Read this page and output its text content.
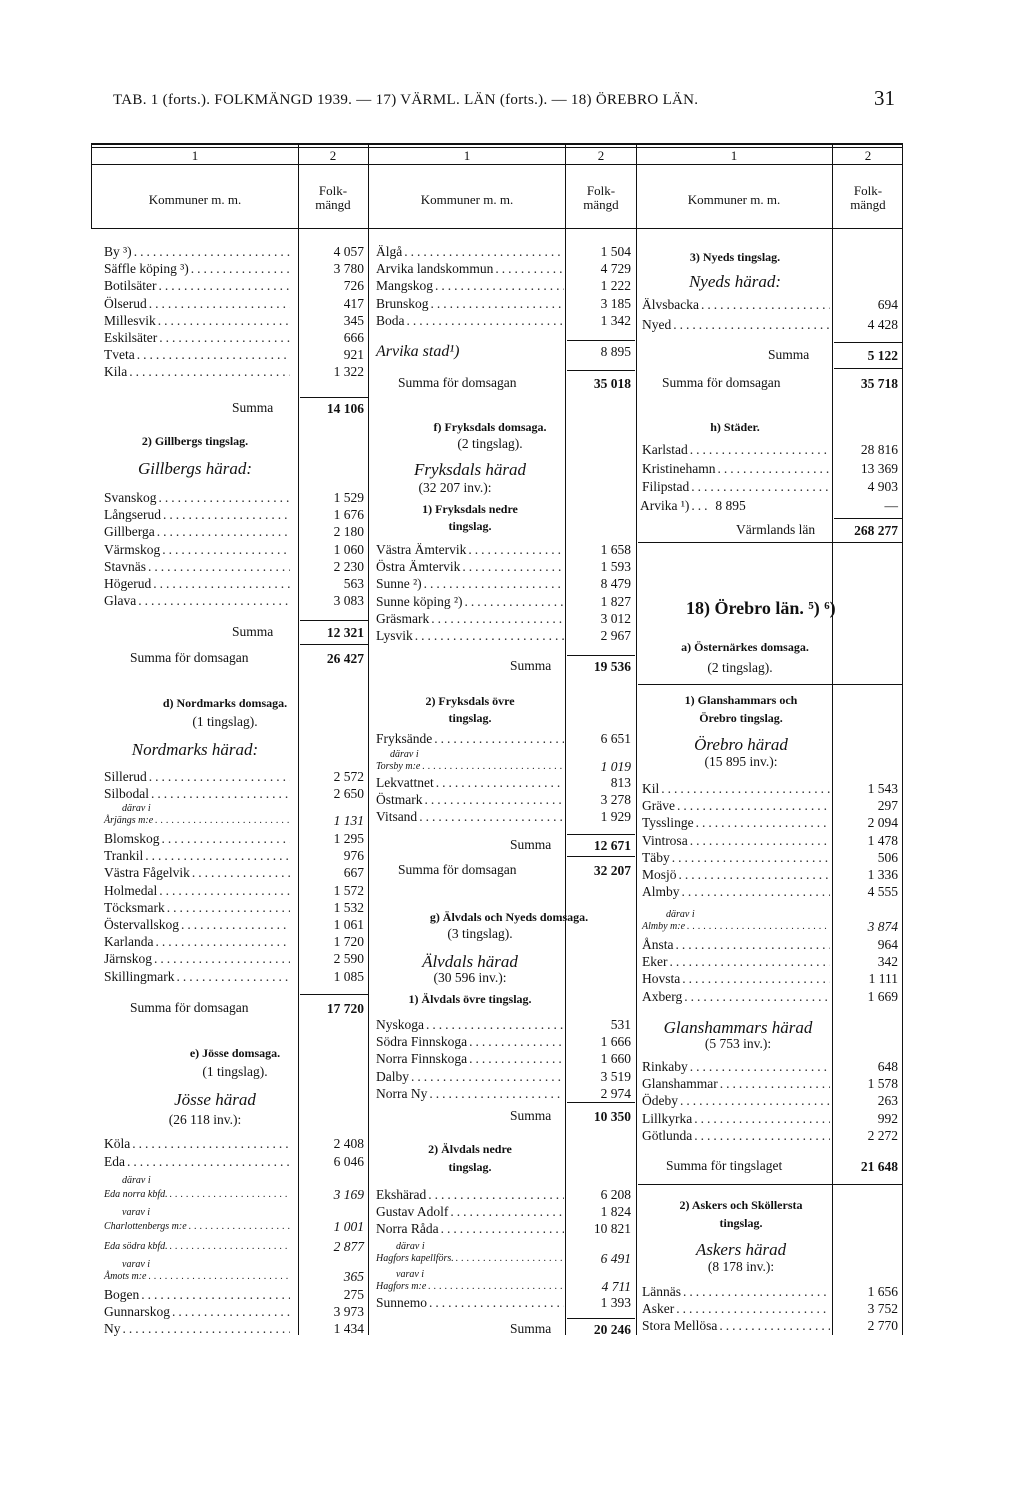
TAB. 1 (forts.). FOLKMÄNGD 1939. — 17) VÄRML. LÄN (forts.). — 18) ÖREBRO LÄN.	31
1	2	1	2	1	2
Kommuner m. m.	Kommuner m. m.	Kommuner m. m.
Folk-
mängd
Folk-
mängd
Folk-
mängd
By ³) .....	4 057
Säffle köping ³) .....	3 780
Botilsäter .....	726
Ölserud .....	417
Millesvik .....	345
Eskilsäter .....	666
Tveta .....	921
Kila .....	1 322
Summa	14 106
2) Gillbergs tingslag.
Gillbergs härad:
Svanskog .....	1 529
Långserud .....	1 676
Gillberga .....	2 180
Värmskog .....	1 060
Stavnäs .....	2 230
Högerud .....	563
Glava .....	3 083
Summa	12 321
Summa för domsagan	26 427
d) Nordmarks domsaga.
(1 tingslag).
Nordmarks härad:
Sillerud .....	2 572
Silbodal .....	2 650
därav i
Årjängs m:e .....	1 131
Blomskog .....	1 295
Trankil .....	976
Västra Fågelvik .....	667
Holmedal .....	1 572
Töcksmark .....	1 532
Östervallskog .....	1 061
Karlanda .....	1 720
Järnskog .....	2 590
Skillingmark .....	1 085
Summa för domsagan	17 720
e) Jösse domsaga.
(1 tingslag).
Jösse härad
(26 118 inv.):
Köla .....	2 408
Eda .....	6 046
därav i
Eda norra kbfd. .....	3 169
varav i
Charlottenbergs m:e .....	1 001
Eda södra kbfd. .....	2 877
varav i
Åmots m:e .....	365
Bogen .....	275
Gunnarskog .....	3 973
Ny .....	1 434
Älgå .....	1 504
Arvika landskommun .....	4 729
Mangskog .....	1 222
Brunskog .....	3 185
Boda .....	1 342
Arvika stad¹)	8 895
Summa för domsagan	35 018
f) Fryksdals domsaga.
(2 tingslag).
Fryksdals härad
(32 207 inv.):
1) Fryksdals nedre
tingslag.
Västra Ämtervik .....	1 658
Östra Ämtervik .....	1 593
Sunne ²) .....	8 479
Sunne köping ²) .....	1 827
Gräsmark .....	3 012
Lysvik .....	2 967
Summa	19 536
2) Fryksdals övre
tingslag.
Fryksände .....	6 651
därav i
Torsby m:e .....	1 019
Lekvattnet .....	813
Östmark .....	3 278
Vitsand .....	1 929
Summa	12 671
Summa för domsagan	32 207
g) Älvdals och Nyeds domsaga.
(3 tingslag).
Älvdals härad
(30 596 inv.):
1) Älvdals övre tingslag.
Nyskoga .....	531
Södra Finnskoga .....	1 666
Norra Finnskoga .....	1 660
Dalby .....	3 519
Norra Ny .....	2 974
Summa	10 350
2) Älvdals nedre
tingslag.
Ekshärad .....	6 208
Gustav Adolf .....	1 824
Norra Råda .....	10 821
därav i
Hagfors kapellförs. .....	6 491
varav i
Hagfors m:e .....	4 711
Sunnemo .....	1 393
Summa	20 246
3) Nyeds tingslag.
Nyeds härad:
Älvsbacka .....	694
Nyed .....	4 428
Summa	5 122
Summa för domsagan	35 718
h) Städer.
Karlstad .....	28 816
Kristinehamn .....	13 369
Filipstad .....	4 903
Arvika ¹) ..... 8 895	—
Värmlands län	268 277
18) Örebro län. ⁵) ⁶)
a) Östernärkes domsaga.
(2 tingslag).
1) Glanshammars och
Örebro tingslag.
Örebro härad
(15 895 inv.):
Kil .....	1 543
Gräve .....	297
Tysslinge .....	2 094
Vintrosa .....	1 478
Täby .....	506
Mosjö .....	1 336
Almby .....	4 555
därav i
Almby m:e .....	3 874
Ånsta .....	964
Eker .....	342
Hovsta .....	1 111
Axberg .....	1 669
Glanshammars härad
(5 753 inv.):
Rinkaby .....	648
Glanshammar .....	1 578
Ödeby .....	263
Lillkyrka .....	992
Götlunda .....	2 272
Summa för tingslaget	21 648
2) Askers och Sköllersta
tingslag.
Askers härad
(8 178 inv.):
Lännäs .....	1 656
Asker .....	3 752
Stora Mellösa .....	2 770
